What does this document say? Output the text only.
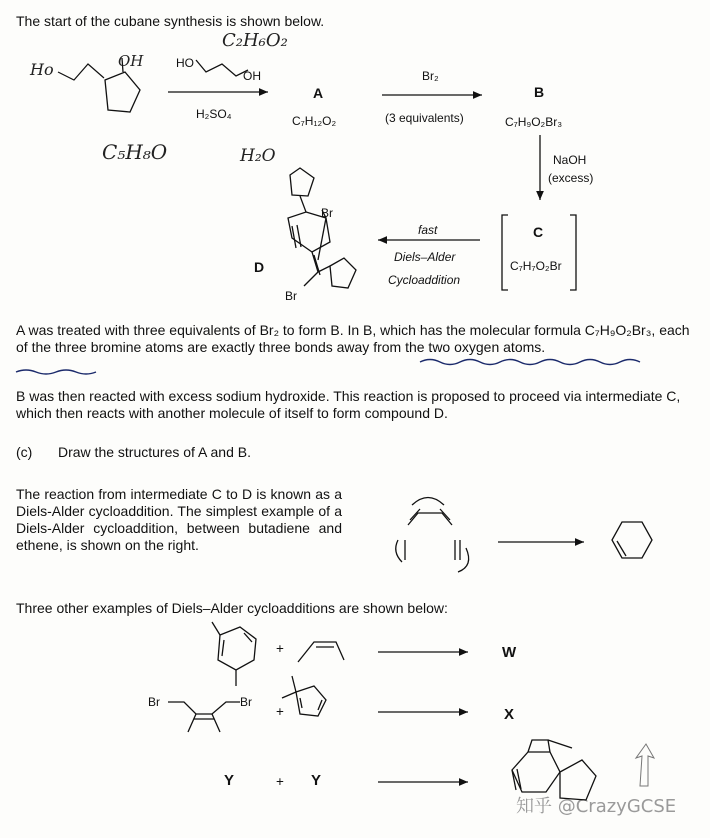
The start of the cubane synthesis is shown below.
C₂H₆O₂
Ho	OH
C₅H₈O	H₂O
HO
OH
H₂SO₄
A
C₇H₁₂O₂
Br₂
(3 equivalents)
B
C₇H₉O₂Br₃
NaOH
(excess)
C
C₇H₇O₂Br
fast
Diels–Alder
Cycloaddition
D
Br
Br
A was treated with three equivalents of Br₂ to form B. In B, which has the molecular formula C₇H₉O₂Br₃, each of the three bromine atoms are exactly three bonds away from the two oxygen atoms.
B was then reacted with excess sodium hydroxide. This reaction is proposed to proceed via intermediate C, which then reacts with another molecule of itself to form compound D.
(c)	Draw the structures of A and B.
The reaction from intermediate C to D is known as a Diels-Alder cycloaddition. The simplest example of a Diels-Alder cycloaddition, between butadiene and ethene, is shown on the right.
Three other examples of Diels–Alder cycloadditions are shown below:
+
+
+
W
X
Y	Y
Br	Br
知乎 @CrazyGCSE
